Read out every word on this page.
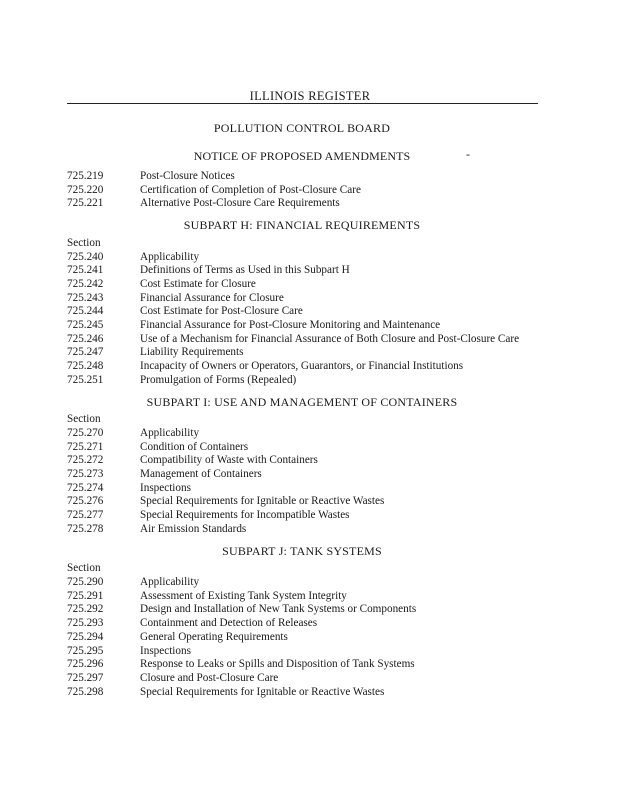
ILLINOIS REGISTER
POLLUTION CONTROL BOARD
NOTICE OF PROPOSED AMENDMENTS	-
725.219	Post-Closure Notices
725.220	Certification of Completion of Post-Closure Care
725.221	Alternative Post-Closure Care Requirements
SUBPART H: FINANCIAL REQUIREMENTS
Section
725.240	Applicability
725.241	Definitions of Terms as Used in this Subpart H
725.242	Cost Estimate for Closure
725.243	Financial Assurance for Closure
725.244	Cost Estimate for Post-Closure Care
725.245	Financial Assurance for Post-Closure Monitoring and Maintenance
725.246	Use of a Mechanism for Financial Assurance of Both Closure and Post-Closure Care
725.247	Liability Requirements
725.248	Incapacity of Owners or Operators, Guarantors, or Financial Institutions
725.251	Promulgation of Forms (Repealed)
SUBPART I: USE AND MANAGEMENT OF CONTAINERS
Section
725.270	Applicability
725.271	Condition of Containers
725.272	Compatibility of Waste with Containers
725.273	Management of Containers
725.274	Inspections
725.276	Special Requirements for Ignitable or Reactive Wastes
725.277	Special Requirements for Incompatible Wastes
725.278	Air Emission Standards
SUBPART J: TANK SYSTEMS
Section
725.290	Applicability
725.291	Assessment of Existing Tank System Integrity
725.292	Design and Installation of New Tank Systems or Components
725.293	Containment and Detection of Releases
725.294	General Operating Requirements
725.295	Inspections
725.296	Response to Leaks or Spills and Disposition of Tank Systems
725.297	Closure and Post-Closure Care
725.298	Special Requirements for Ignitable or Reactive Wastes
